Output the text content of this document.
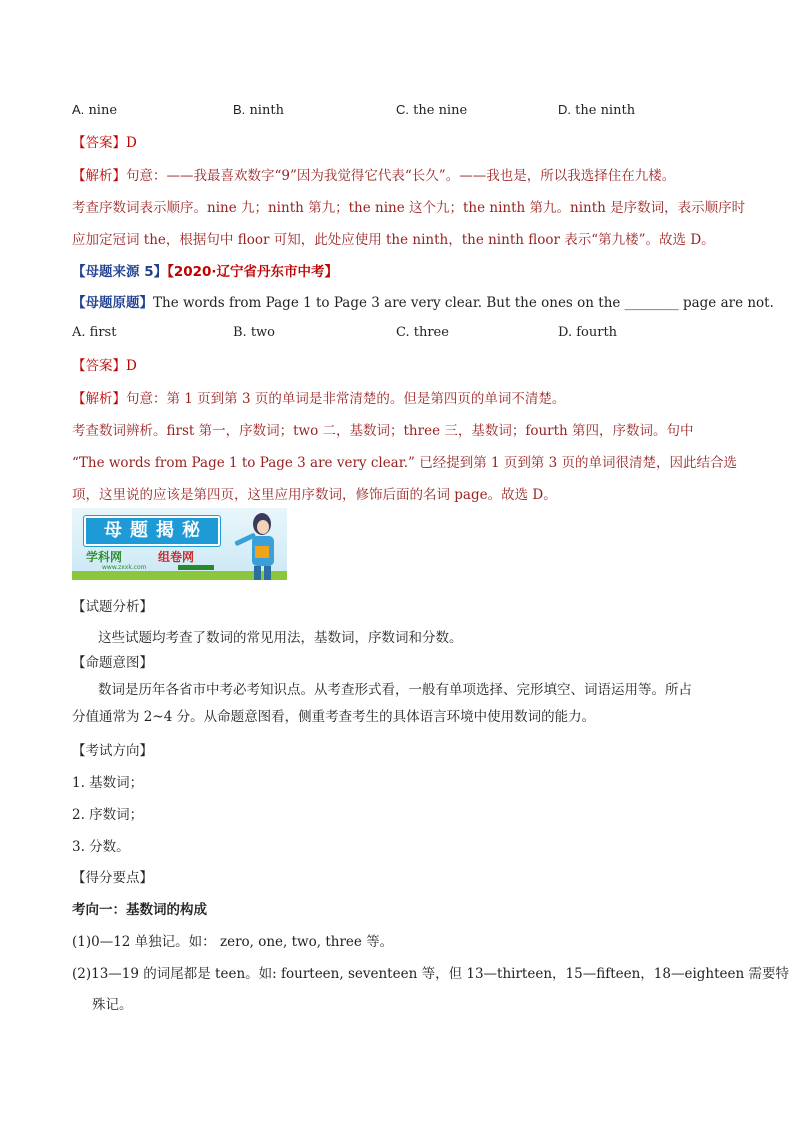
A. nine	B. ninth	C. the nine	D. the ninth
【答案】D
【解析】句意：——我最喜欢数字“9”因为我觉得它代表“长久”。——我也是，所以我选择住在九楼。
考查序数词表示顺序。nine 九；ninth 第九；the nine 这个九；the ninth 第九。ninth 是序数词，表示顺序时
应加定冠词 the，根据句中 floor 可知，此处应使用 the ninth，the ninth floor 表示“第九楼”。故选 D。
【母题来源 5】【2020·辽宁省丹东市中考】
【母题原题】The words from Page 1 to Page 3 are very clear. But the ones on the ________ page are not.
A. first	B. two	C. three	D. fourth
【答案】D
【解析】句意：第 1 页到第 3 页的单词是非常清楚的。但是第四页的单词不清楚。
考查数词辨析。first 第一，序数词；two 二，基数词；three 三，基数词；fourth 第四，序数词。句中
“The words from Page 1 to Page 3 are very clear.” 已经提到第 1 页到第 3 页的单词很清楚，因此结合选
项，这里说的应该是第四页，这里应用序数词，修饰后面的名词 page。故选 D。
母题揭秘
学科网
www.zxxk.com
组卷网
【试题分析】
这些试题均考查了数词的常见用法，基数词，序数词和分数。
【命题意图】
数词是历年各省市中考必考知识点。从考查形式看，一般有单项选择、完形填空、词语运用等。所占
分值通常为 2~4 分。从命题意图看，侧重考查考生的具体语言环境中使用数词的能力。
【考试方向】
1. 基数词；
2. 序数词；
3. 分数。
【得分要点】
考向一：基数词的构成
(1)0—12 单独记。如： zero, one, two, three 等。
(2)13—19 的词尾都是 teen。如: fourteen, seventeen 等，但 13—thirteen，15—fifteen，18—eighteen 需要特
殊记。
